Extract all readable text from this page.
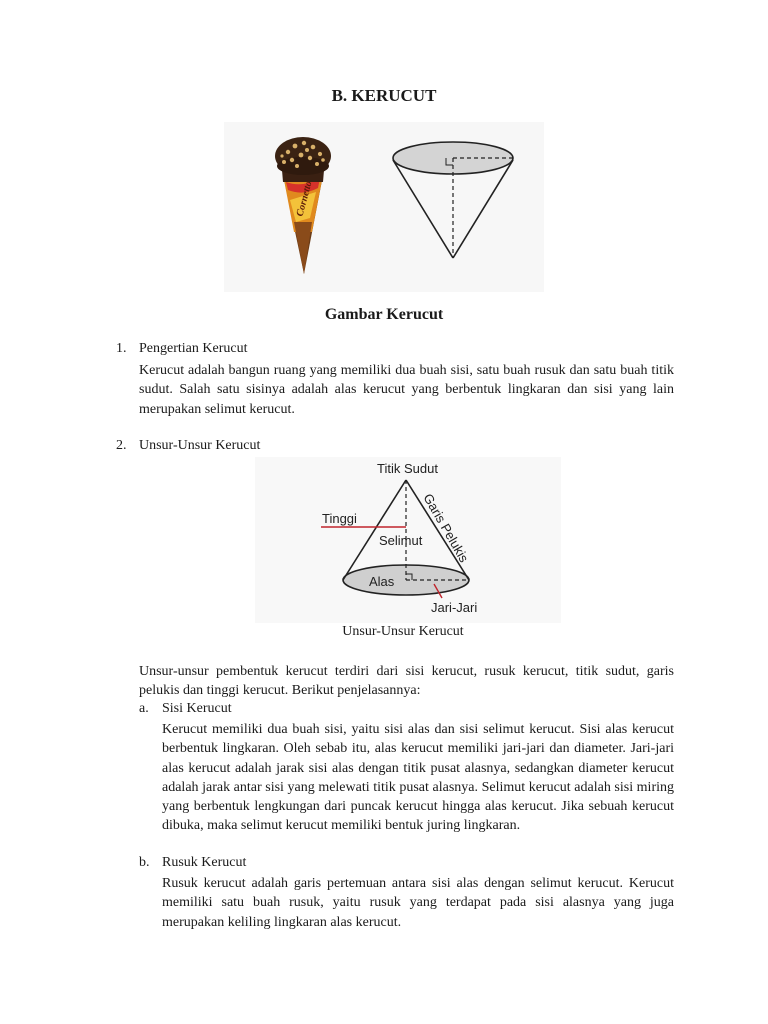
B. KERUCUT
Cornetto
Gambar Kerucut
1. Pengertian Kerucut
Kerucut adalah bangun ruang yang memiliki dua buah sisi, satu buah rusuk dan satu buah titik sudut. Salah satu sisinya adalah alas kerucut yang berbentuk lingkaran dan sisi yang lain merupakan selimut kerucut.
2. Unsur-Unsur Kerucut
Titik Sudut
Tinggi
Selimut
Alas
Jari-Jari
Garis Pelukis
Unsur-Unsur Kerucut
Unsur-unsur pembentuk kerucut terdiri dari sisi kerucut, rusuk kerucut, titik sudut, garis pelukis dan tinggi kerucut. Berikut penjelasannya:
a. Sisi Kerucut
Kerucut memiliki dua buah sisi, yaitu sisi alas dan sisi selimut kerucut. Sisi alas kerucut berbentuk lingkaran. Oleh sebab itu, alas kerucut memiliki jari-jari dan diameter. Jari-jari alas kerucut adalah jarak sisi alas dengan titik pusat alasnya, sedangkan diameter kerucut adalah jarak antar sisi yang melewati titik pusat alasnya. Selimut kerucut adalah sisi miring yang berbentuk lengkungan dari puncak kerucut hingga alas kerucut. Jika sebuah kerucut dibuka, maka selimut kerucut memiliki bentuk juring lingkaran.
b. Rusuk Kerucut
Rusuk kerucut adalah garis pertemuan antara sisi alas dengan selimut kerucut. Kerucut memiliki satu buah rusuk, yaitu rusuk yang terdapat pada sisi alasnya yang juga merupakan keliling lingkaran alas kerucut.
